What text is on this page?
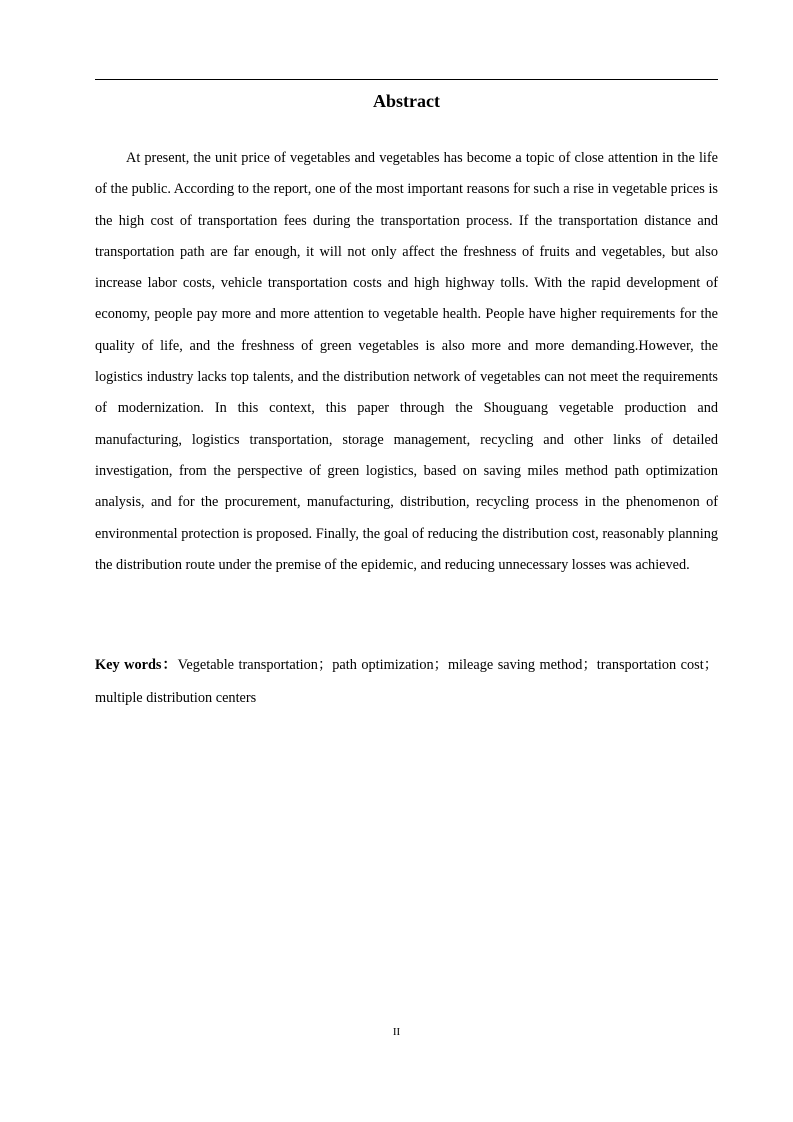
Abstract

At present, the unit price of vegetables and vegetables has become a topic of close attention in the life of the public. According to the report, one of the most important reasons for such a rise in vegetable prices is the high cost of transportation fees during the transportation process. If the transportation distance and transportation path are far enough, it will not only affect the freshness of fruits and vegetables, but also increase labor costs, vehicle transportation costs and high highway tolls. With the rapid development of economy, people pay more and more attention to vegetable health. People have higher requirements for the quality of life, and the freshness of green vegetables is also more and more demanding.However, the logistics industry lacks top talents, and the distribution network of vegetables can not meet the requirements of modernization. In this context, this paper through the Shouguang vegetable production and manufacturing, logistics transportation, storage management, recycling and other links of detailed investigation, from the perspective of green logistics, based on saving miles method path optimization analysis, and for the procurement, manufacturing, distribution, recycling process in the phenomenon of environmental protection is proposed. Finally, the goal of reducing the distribution cost, reasonably planning the distribution route under the premise of the epidemic, and reducing unnecessary losses was achieved.

Key words：Vegetable transportation；path optimization；mileage saving method；transportation cost；multiple distribution centers

II
